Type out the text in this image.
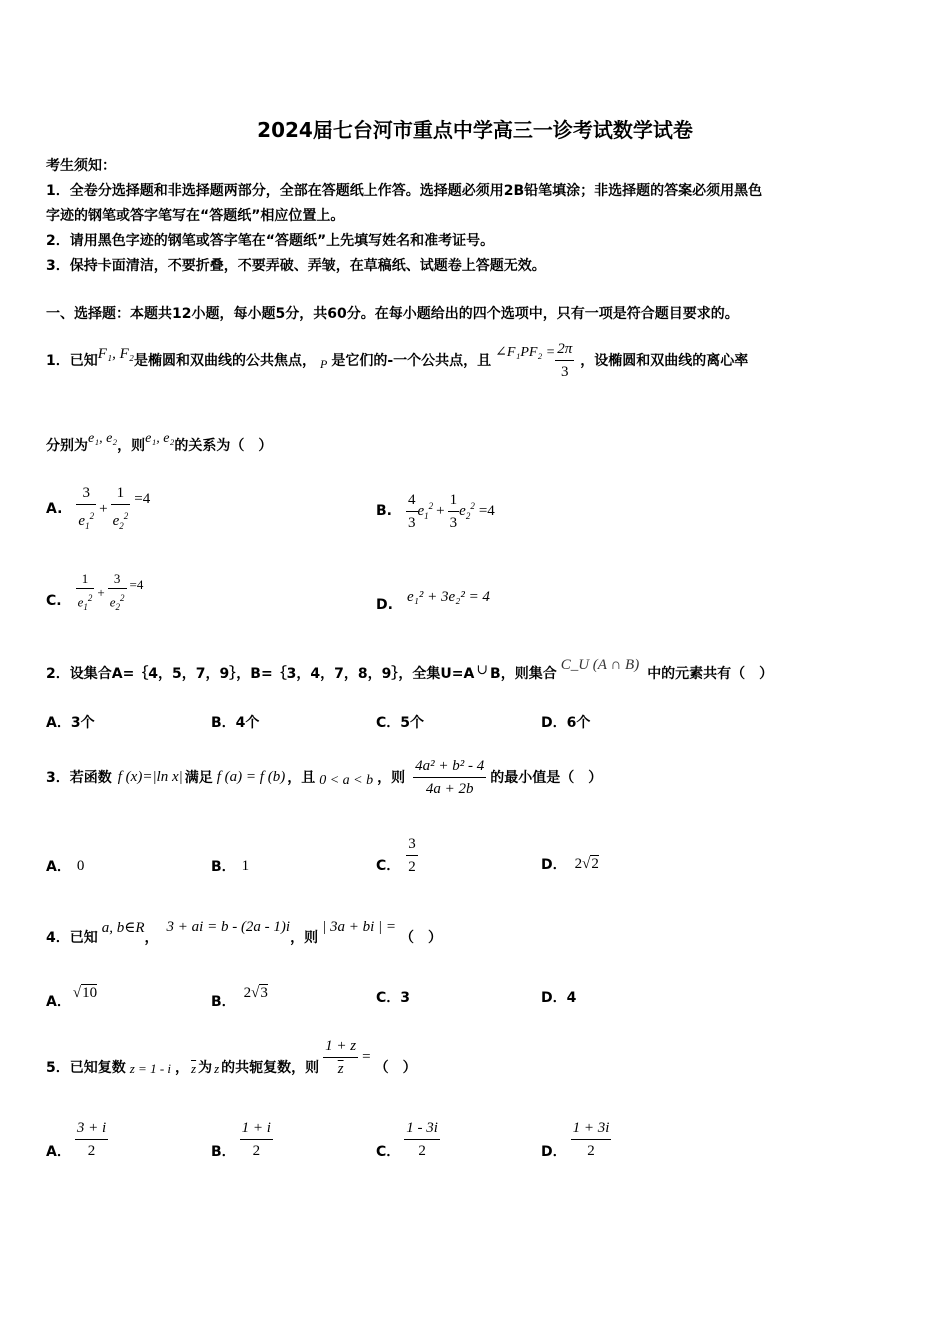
2024届七台河市重点中学高三一诊考试数学试卷
考生须知：
1．全卷分选择题和非选择题两部分，全部在答题纸上作答。选择题必须用2B铅笔填涂；非选择题的答案必须用黑色
字迹的钢笔或答字笔写在“答题纸”相应位置上。
2．请用黑色字迹的钢笔或答字笔在“答题纸”上先填写姓名和准考证号。
3．保持卡面清洁，不要折叠，不要弄破、弄皱，在草稿纸、试题卷上答题无效。
一、选择题：本题共12小题，每小题5分，共60分。在每小题给出的四个选项中，只有一项是符合题目要求的。
1．已知 F₁, F₂ 是椭圆和双曲线的公共焦点， P 是它们的-一个公共点，且
∠F₁PF₂ = $\frac{2\pi}{3}$ ，设椭圆和双曲线的离心率
分别为 e₁, e₂ ，则 e₁, e₂ 的关系为（　）
A. $\frac{3}{e_1^2} + \frac{1}{e_2^2} =4$
B. $\frac{4}{3} e_1^2 + \frac{1}{3} e_2^2 =4$
C. $\frac{1}{e_1^2} + \frac{3}{e_2^2} =4$
D.
e₁² + 3e₂² = 4
2．设集合A=｛4，5，7，9｝，B=｛3，4，7，8，9｝，全集U=A ∪ B，则集合
C_U (A ∩ B)
中的元素共有（　）
A．3个	B．4个	C．5个	D．6个
3．若函数 f (x)=|ln x| 满足 f (a) = f (b) ，且 0 < a < b ，则 $\frac{\text{4a² + b² - 4}}{4a + 2b}$ 的最小值是（　）
A． 0	B． 1	C． $\frac{3}{2}$	D． 2 √ 2
4．已知
a, b∈R
，
3 + ai = b - (2a - 1)i
，则
| 3a + bi | =
（　）
A．
√ 10
B．
2 √ 3	C．3	D．4
5．已知复数 z = 1 - i ， $\overline{z}$ 为 z 的共轭复数，则 $\frac{1 + z}{z}$ =
（　）
A． $\frac{3 + i}{2}$	B． $\frac{1 + i}{2}$	C． $\frac{1 - 3i}{2}$	D． $\frac{1 + 3i}{2}$
